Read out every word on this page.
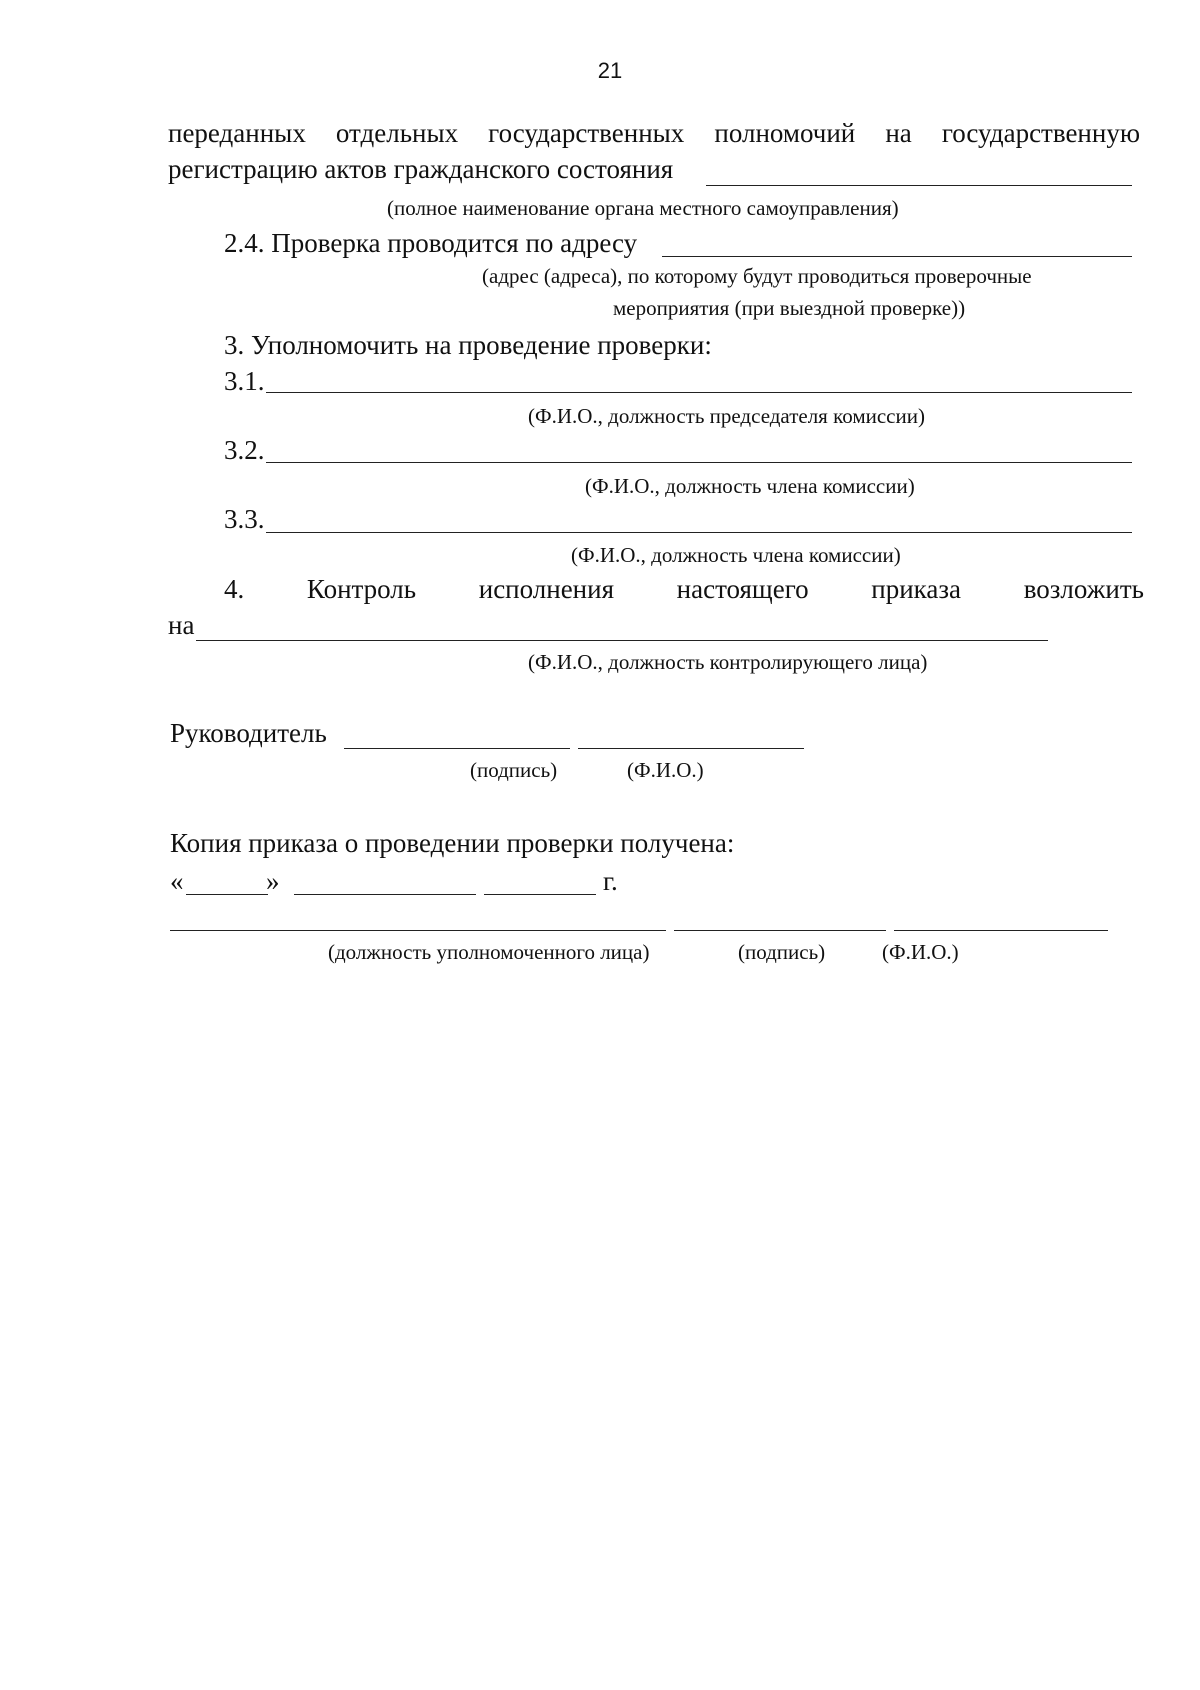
21
переданных отдельных государственных полномочий на государственную
регистрацию актов гражданского состояния
(полное наименование органа местного самоуправления)
2.4. Проверка проводится по адресу
(адрес (адреса), по которому будут проводиться проверочные
мероприятия (при выездной проверке))
3. Уполномочить на проведение проверки:
3.1.
(Ф.И.О., должность председателя комиссии)
3.2.
(Ф.И.О., должность члена комиссии)
3.3.
(Ф.И.О., должность члена комиссии)
4. Контроль исполнения настоящего приказа возложить
на
(Ф.И.О., должность контролирующего лица)
Руководитель
(подпись)	(Ф.И.О.)
Копия приказа о проведении проверки получена:
«	»	г.
(должность уполномоченного лица)	(подпись)	(Ф.И.О.)
